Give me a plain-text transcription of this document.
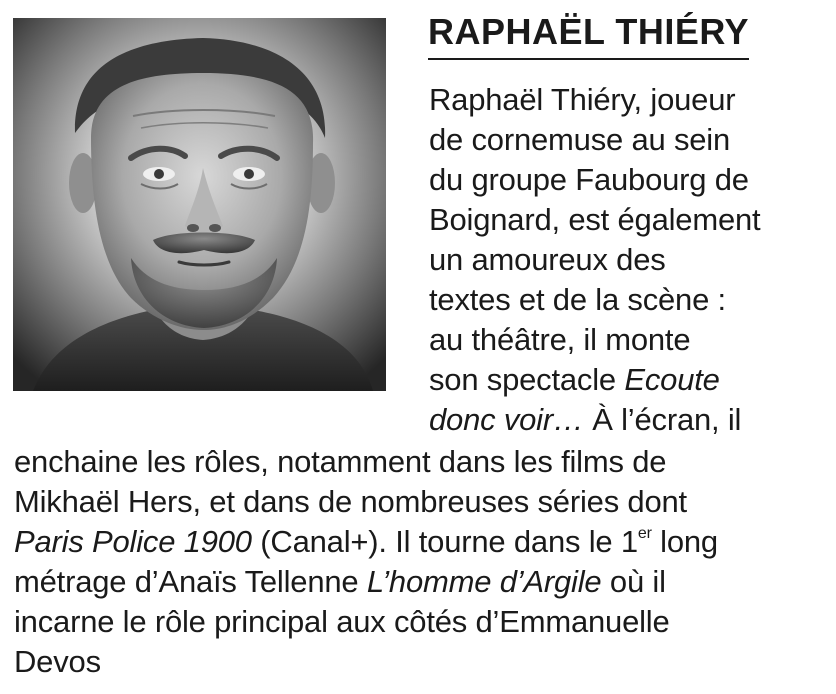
RAPHAËL THIÉRY
Raphaël Thiéry, joueur
de cornemuse au sein
du groupe Faubourg de
Boignard, est également
un amoureux des
textes et de la scène :
au théâtre, il monte
son spectacle Ecoute
donc voir… À l’écran, il
enchaine les rôles, notamment dans les films de
Mikhaël Hers, et dans de nombreuses séries dont
Paris Police 1900 (Canal+). Il tourne dans le 1er long
métrage d’Anaïs Tellenne L’homme d’Argile où il
incarne le rôle principal aux côtés d’Emmanuelle
Devos
